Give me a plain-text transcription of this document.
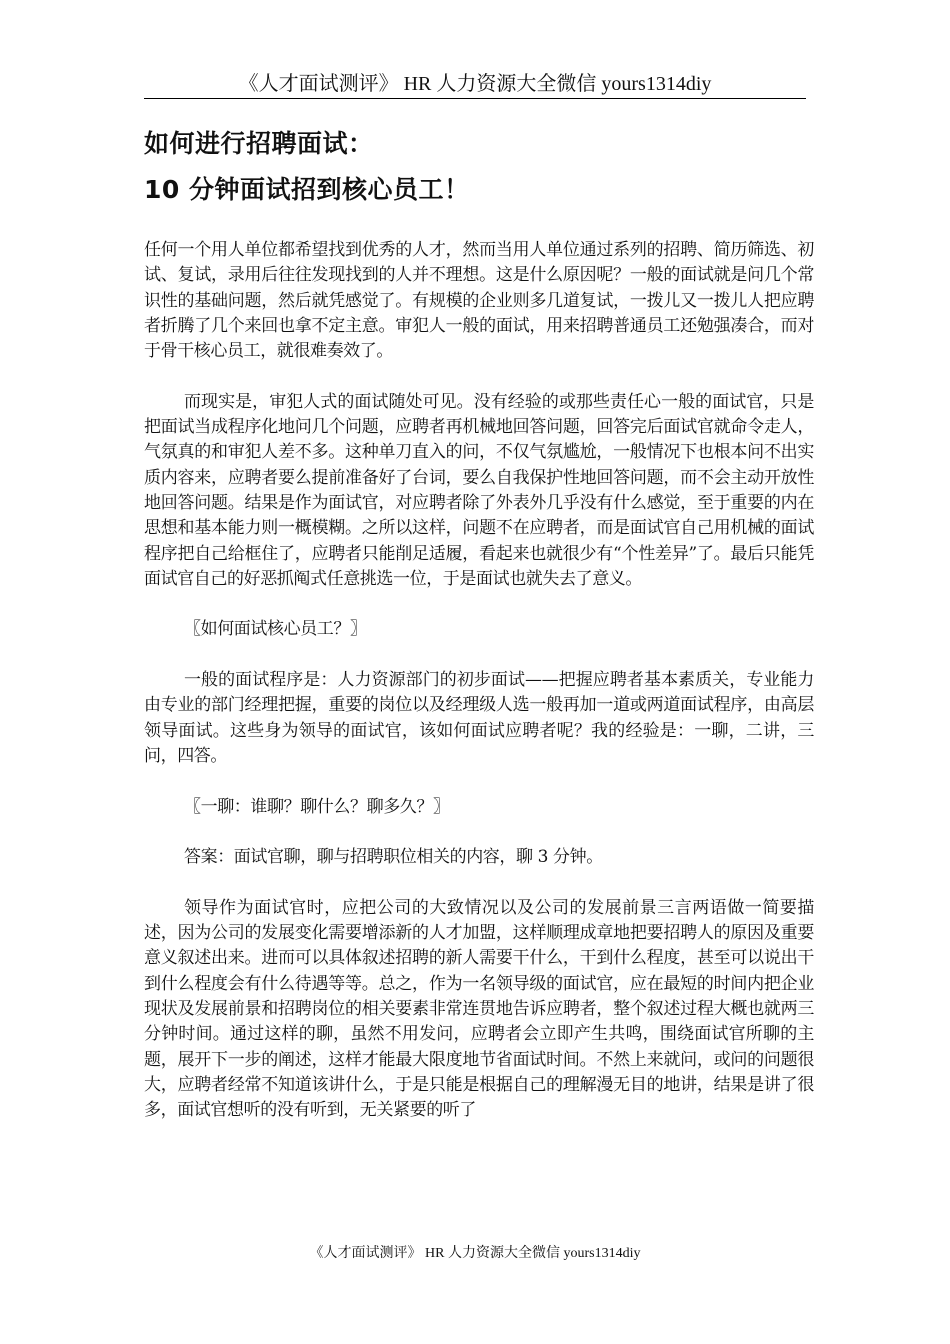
《人才面试测评》 HR 人力资源大全微信 yours1314diy
如何进行招聘面试：
10 分钟面试招到核心员工！

任何一个用人单位都希望找到优秀的人才，然而当用人单位通过系列的招聘、简历筛选、初试、复试，录用后往往发现找到的人并不理想。这是什么原因呢？一般的面试就是问几个常识性的基础问题，然后就凭感觉了。有规模的企业则多几道复试，一拨儿又一拨儿人把应聘者折腾了几个来回也拿不定主意。审犯人一般的面试，用来招聘普通员工还勉强凑合，而对于骨干核心员工，就很难奏效了。

而现实是，审犯人式的面试随处可见。没有经验的或那些责任心一般的面试官，只是把面试当成程序化地问几个问题，应聘者再机械地回答问题，回答完后面试官就命令走人，气氛真的和审犯人差不多。这种单刀直入的问，不仅气氛尴尬，一般情况下也根本问不出实质内容来，应聘者要么提前准备好了台词，要么自我保护性地回答问题，而不会主动开放性地回答问题。结果是作为面试官，对应聘者除了外表外几乎没有什么感觉，至于重要的内在思想和基本能力则一概模糊。之所以这样，问题不在应聘者，而是面试官自己用机械的面试程序把自己给框住了，应聘者只能削足适履，看起来也就很少有“个性差异”了。最后只能凭面试官自己的好恶抓阄式任意挑选一位，于是面试也就失去了意义。

〖如何面试核心员工？〗

一般的面试程序是：人力资源部门的初步面试——把握应聘者基本素质关，专业能力由专业的部门经理把握，重要的岗位以及经理级人选一般再加一道或两道面试程序，由高层领导面试。这些身为领导的面试官，该如何面试应聘者呢？我的经验是：一聊，二讲，三问，四答。

〖一聊：谁聊？聊什么？聊多久？〗

答案：面试官聊，聊与招聘职位相关的内容，聊 3 分钟。

领导作为面试官时，应把公司的大致情况以及公司的发展前景三言两语做一简要描述，因为公司的发展变化需要增添新的人才加盟，这样顺理成章地把要招聘人的原因及重要意义叙述出来。进而可以具体叙述招聘的新人需要干什么，干到什么程度，甚至可以说出干到什么程度会有什么待遇等等。总之，作为一名领导级的面试官，应在最短的时间内把企业现状及发展前景和招聘岗位的相关要素非常连贯地告诉应聘者，整个叙述过程大概也就两三分钟时间。通过这样的聊，虽然不用发问，应聘者会立即产生共鸣，围绕面试官所聊的主题，展开下一步的阐述，这样才能最大限度地节省面试时间。不然上来就问，或问的问题很大，应聘者经常不知道该讲什么，于是只能是根据自己的理解漫无目的地讲，结果是讲了很多，面试官想听的没有听到，无关紧要的听了

《人才面试测评》 HR 人力资源大全微信 yours1314diy
